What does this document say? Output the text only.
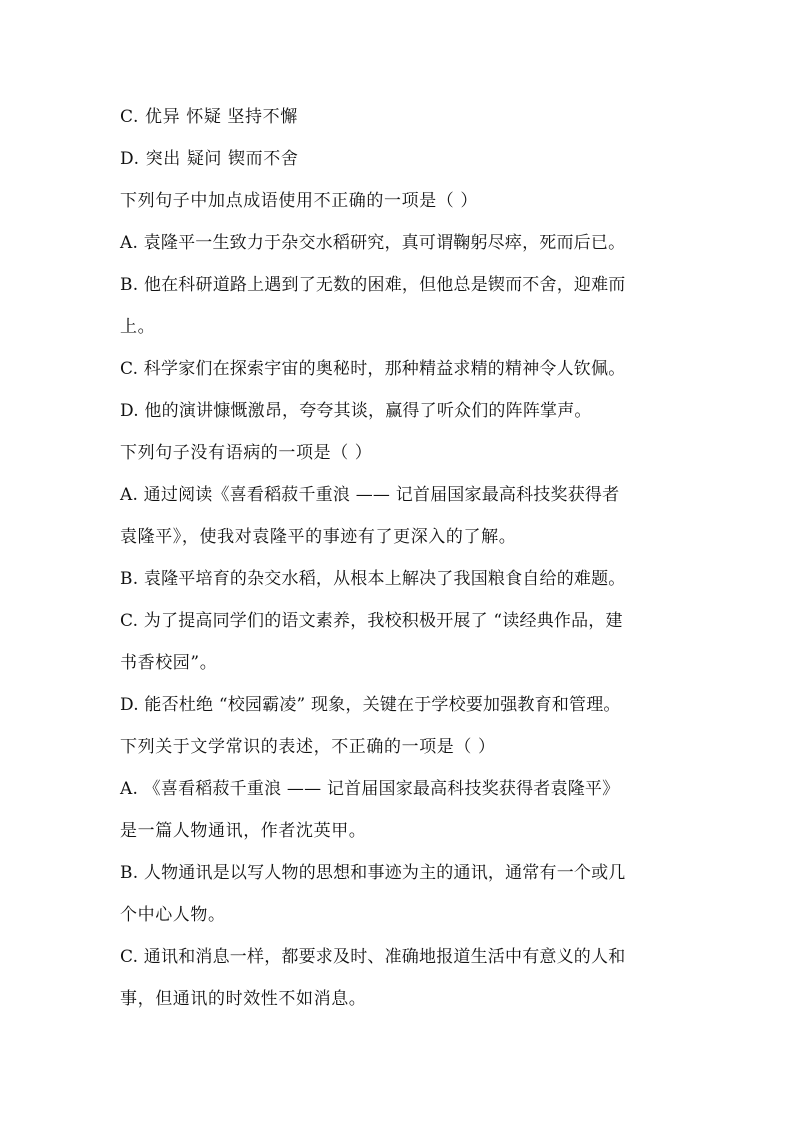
C. 优异 怀疑 坚持不懈
D. 突出 疑问 锲而不舍
下列句子中加点成语使用不正确的一项是（ ）
A. 袁隆平一生致力于杂交水稻研究，真可谓鞠躬尽瘁，死而后已。
B. 他在科研道路上遇到了无数的困难，但他总是锲而不舍，迎难而
上。
C. 科学家们在探索宇宙的奥秘时，那种精益求精的精神令人钦佩。
D. 他的演讲慷慨激昂，夸夸其谈，赢得了听众们的阵阵掌声。
下列句子没有语病的一项是（ ）
A. 通过阅读《喜看稻菽千重浪 —— 记首届国家最高科技奖获得者
袁隆平》，使我对袁隆平的事迹有了更深入的了解。
B. 袁隆平培育的杂交水稻，从根本上解决了我国粮食自给的难题。
C. 为了提高同学们的语文素养，我校积极开展了 “读经典作品，建
书香校园”。
D. 能否杜绝 “校园霸凌” 现象，关键在于学校要加强教育和管理。
下列关于文学常识的表述，不正确的一项是（ ）
A. 《喜看稻菽千重浪 —— 记首届国家最高科技奖获得者袁隆平》
是一篇人物通讯，作者沈英甲。
B. 人物通讯是以写人物的思想和事迹为主的通讯，通常有一个或几
个中心人物。
C. 通讯和消息一样，都要求及时、准确地报道生活中有意义的人和
事，但通讯的时效性不如消息。
